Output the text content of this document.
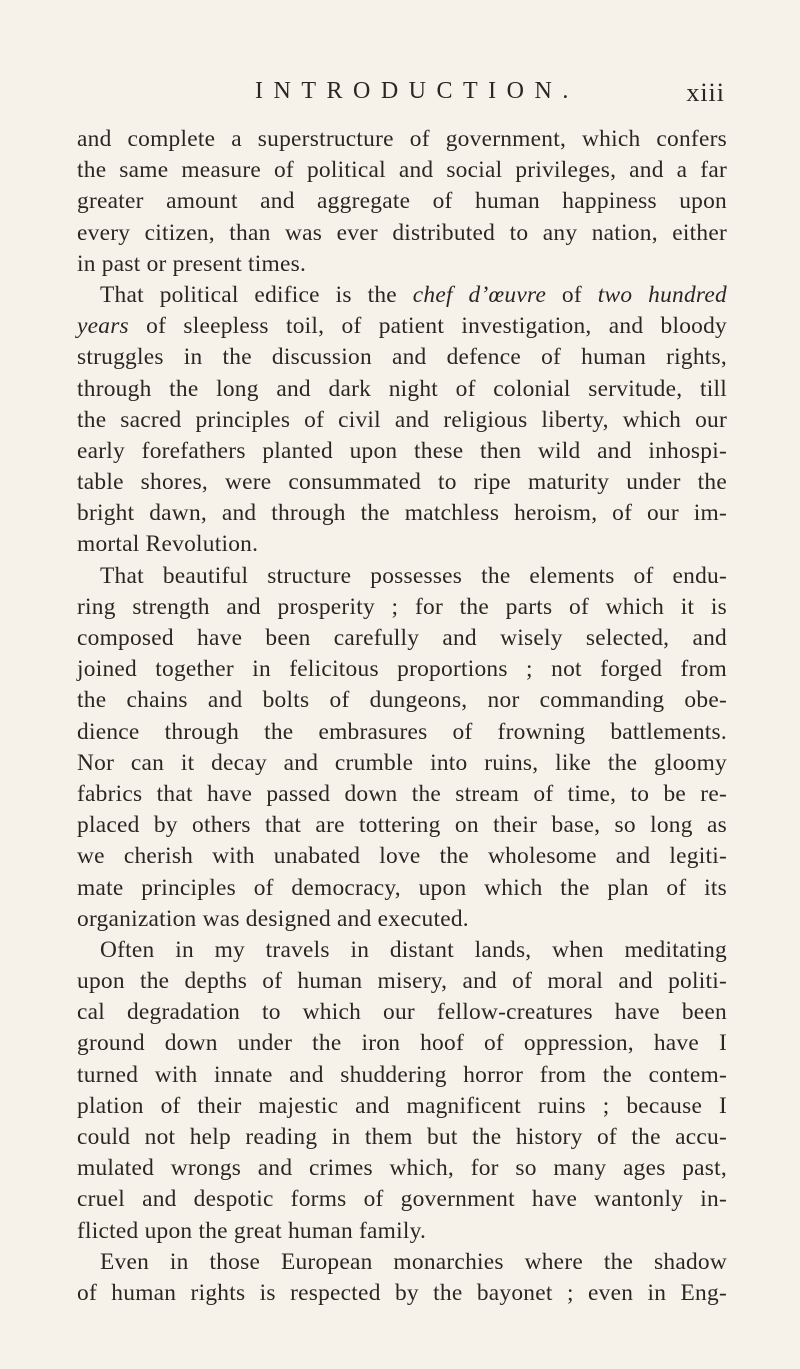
INTRODUCTION.	xiii
and complete a superstructure of government, which confers
the same measure of political and social privileges, and a far
greater amount and aggregate of human happiness upon
every citizen, than was ever distributed to any nation, either
in past or present times.
That political edifice is the chef d’œuvre of two hundred
years of sleepless toil, of patient investigation, and bloody
struggles in the discussion and defence of human rights,
through the long and dark night of colonial servitude, till
the sacred principles of civil and religious liberty, which our
early forefathers planted upon these then wild and inhospi-
table shores, were consummated to ripe maturity under the
bright dawn, and through the matchless heroism, of our im-
mortal Revolution.
That beautiful structure possesses the elements of endu-
ring strength and prosperity ; for the parts of which it is
composed have been carefully and wisely selected, and
joined together in felicitous proportions ; not forged from
the chains and bolts of dungeons, nor commanding obe-
dience through the embrasures of frowning battlements.
Nor can it decay and crumble into ruins, like the gloomy
fabrics that have passed down the stream of time, to be re-
placed by others that are tottering on their base, so long as
we cherish with unabated love the wholesome and legiti-
mate principles of democracy, upon which the plan of its
organization was designed and executed.
Often in my travels in distant lands, when meditating
upon the depths of human misery, and of moral and politi-
cal degradation to which our fellow-creatures have been
ground down under the iron hoof of oppression, have I
turned with innate and shuddering horror from the contem-
plation of their majestic and magnificent ruins ; because I
could not help reading in them but the history of the accu-
mulated wrongs and crimes which, for so many ages past,
cruel and despotic forms of government have wantonly in-
flicted upon the great human family.
Even in those European monarchies where the shadow
of human rights is respected by the bayonet ; even in Eng-
